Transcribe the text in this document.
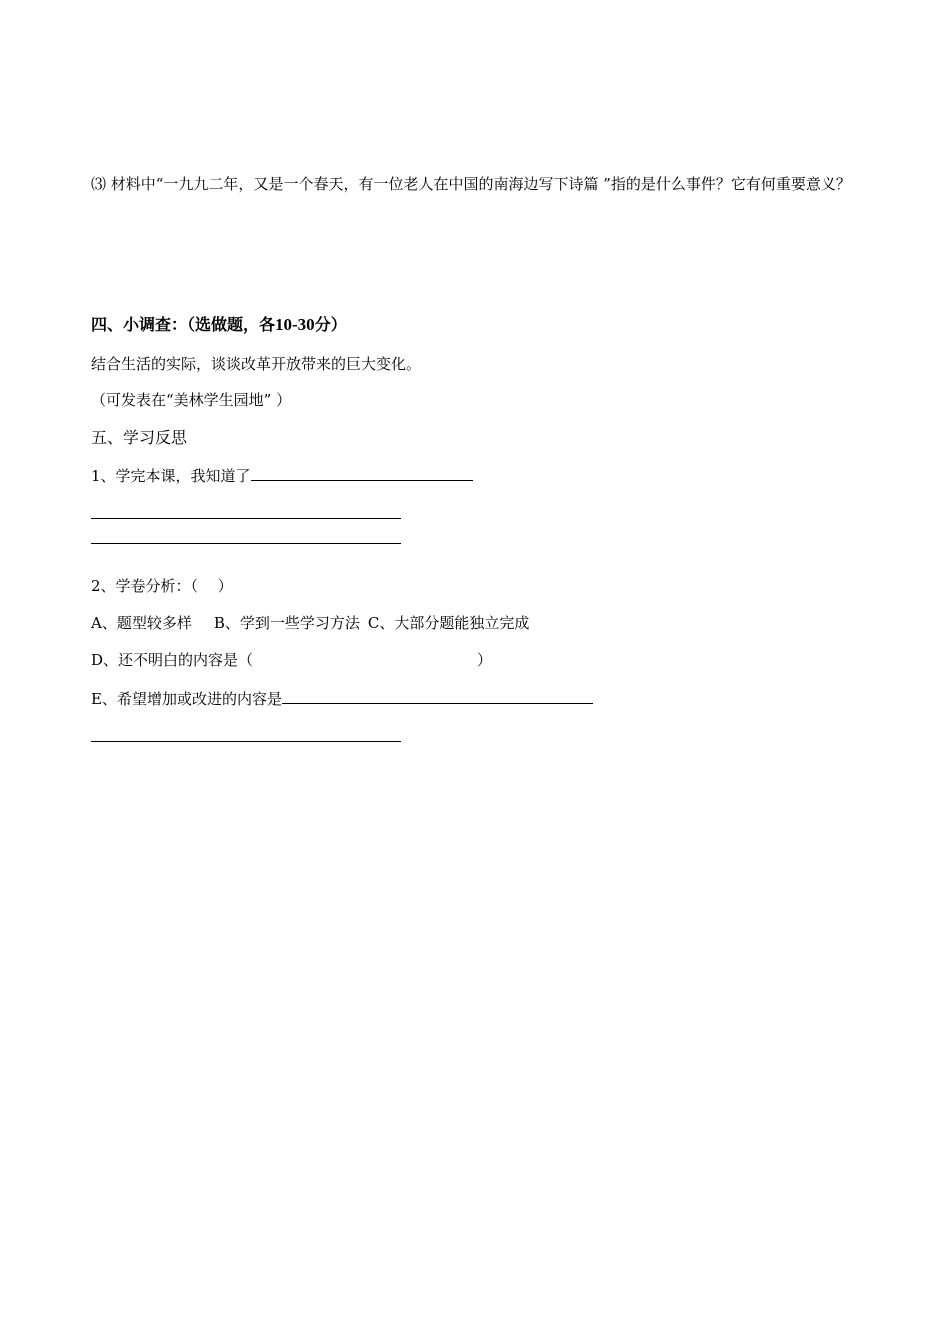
⑶ 材料中“一九九二年，又是一个春天，有一位老人在中国的南海边写下诗篇 ”指的是什么事件？它有何重要意义？
四、小调查：（选做题，各10-30分）
结合生活的实际，谈谈改革开放带来的巨大变化。
（可发表在“美林学生园地” ）
五、学习反思
1、学完本课，我知道了
2、学卷分析：（　 ）
A、题型较多样 B、学到一些学习方法 C、大部分题能独立完成
D、还不明白的内容是（	）
E、希望增加或改进的内容是
